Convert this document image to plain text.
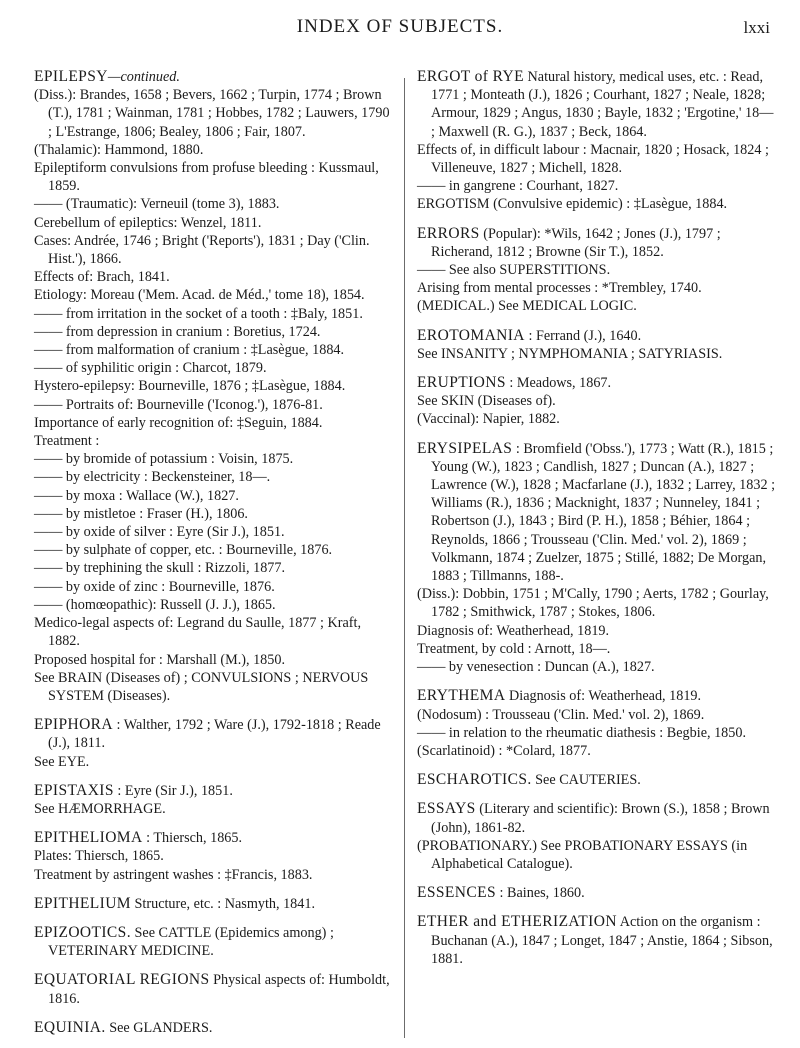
INDEX OF SUBJECTS.	lxxi
EPILEPSY—continued.
(Diss.): Brandes, 1658 ; Bevers, 1662 ; Turpin, 1774 ; Brown (T.), 1781 ; Wainman, 1781 ; Hobbes, 1782 ; Lauwers, 1790 ; L'Estrange, 1806; Bealey, 1806 ; Fair, 1807.
(Thalamic): Hammond, 1880.
Epileptiform convulsions from profuse bleeding : Kussmaul, 1859.
—— (Traumatic): Verneuil (tome 3), 1883.
Cerebellum of epileptics: Wenzel, 1811.
Cases: Andrée, 1746 ; Bright ('Reports'), 1831 ; Day ('Clin. Hist.'), 1866.
Effects of: Brach, 1841.
Etiology: Moreau ('Mem. Acad. de Méd.,' tome 18), 1854.
—— from irritation in the socket of a tooth : ‡Baly, 1851.
—— from depression in cranium : Boretius, 1724.
—— from malformation of cranium : ‡Lasègue, 1884.
—— of syphilitic origin : Charcot, 1879.
Hystero-epilepsy: Bourneville, 1876 ; ‡Lasègue, 1884.
—— Portraits of: Bourneville ('Iconog.'), 1876-81.
Importance of early recognition of: ‡Seguin, 1884.
Treatment :
—— by bromide of potassium : Voisin, 1875.
—— by electricity : Beckensteiner, 18—.
—— by moxa : Wallace (W.), 1827.
—— by mistletoe : Fraser (H.), 1806.
—— by oxide of silver : Eyre (Sir J.), 1851.
—— by sulphate of copper, etc. : Bourneville, 1876.
—— by trephining the skull : Rizzoli, 1877.
—— by oxide of zinc : Bourneville, 1876.
—— (homœopathic): Russell (J. J.), 1865.
Medico-legal aspects of: Legrand du Saulle, 1877 ; Kraft, 1882.
Proposed hospital for : Marshall (M.), 1850.
See BRAIN (Diseases of) ; CONVULSIONS ; NERVOUS SYSTEM (Diseases).
EPIPHORA : Walther, 1792 ; Ware (J.), 1792-1818 ; Reade (J.), 1811.
See EYE.
EPISTAXIS : Eyre (Sir J.), 1851.
See HÆMORRHAGE.
EPITHELIOMA : Thiersch, 1865.
Plates: Thiersch, 1865.
Treatment by astringent washes : ‡Francis, 1883.
EPITHELIUM Structure, etc. : Nasmyth, 1841.
EPIZOOTICS. See CATTLE (Epidemics among) ; VETERINARY MEDICINE.
EQUATORIAL REGIONS Physical aspects of: Humboldt, 1816.
EQUINIA. See GLANDERS.
ERGOT of RYE Natural history, medical uses, etc. : Read, 1771 ; Monteath (J.), 1826 ; Courhant, 1827 ; Neale, 1828; Armour, 1829 ; Angus, 1830 ; Bayle, 1832 ; 'Ergotine,' 18— ; Maxwell (R. G.), 1837 ; Beck, 1864.
Effects of, in difficult labour : Macnair, 1820 ; Hosack, 1824 ; Villeneuve, 1827 ; Michell, 1828.
—— in gangrene : Courhant, 1827.
ERGOTISM (Convulsive epidemic) : ‡Lasègue, 1884.
ERRORS (Popular): *Wils, 1642 ; Jones (J.), 1797 ; Richerand, 1812 ; Browne (Sir T.), 1852.
—— See also SUPERSTITIONS.
Arising from mental processes : *Trembley, 1740.
(MEDICAL.) See MEDICAL LOGIC.
EROTOMANIA : Ferrand (J.), 1640.
See INSANITY ; NYMPHOMANIA ; SATYRIASIS.
ERUPTIONS : Meadows, 1867.
See SKIN (Diseases of).
(Vaccinal): Napier, 1882.
ERYSIPELAS : Bromfield ('Obss.'), 1773 ; Watt (R.), 1815 ; Young (W.), 1823 ; Candlish, 1827 ; Duncan (A.), 1827 ; Lawrence (W.), 1828 ; Macfarlane (J.), 1832 ; Larrey, 1832 ; Williams (R.), 1836 ; Macknight, 1837 ; Nunneley, 1841 ; Robertson (J.), 1843 ; Bird (P. H.), 1858 ; Béhier, 1864 ; Reynolds, 1866 ; Trousseau ('Clin. Med.' vol. 2), 1869 ; Volkmann, 1874 ; Zuelzer, 1875 ; Stillé, 1882; De Morgan, 1883 ; Tillmanns, 188-.
(Diss.): Dobbin, 1751 ; M'Cally, 1790 ; Aerts, 1782 ; Gourlay, 1782 ; Smithwick, 1787 ; Stokes, 1806.
Diagnosis of: Weatherhead, 1819.
Treatment, by cold : Arnott, 18—.
—— by venesection : Duncan (A.), 1827.
ERYTHEMA Diagnosis of: Weatherhead, 1819.
(Nodosum) : Trousseau ('Clin. Med.' vol. 2), 1869.
—— in relation to the rheumatic diathesis : Begbie, 1850.
(Scarlatinoid) : *Colard, 1877.
ESCHAROTICS. See CAUTERIES.
ESSAYS (Literary and scientific): Brown (S.), 1858 ; Brown (John), 1861-82.
(PROBATIONARY.) See PROBATIONARY ESSAYS (in Alphabetical Catalogue).
ESSENCES : Baines, 1860.
ETHER and ETHERIZATION Action on the organism : Buchanan (A.), 1847 ; Longet, 1847 ; Anstie, 1864 ; Sibson, 1881.
